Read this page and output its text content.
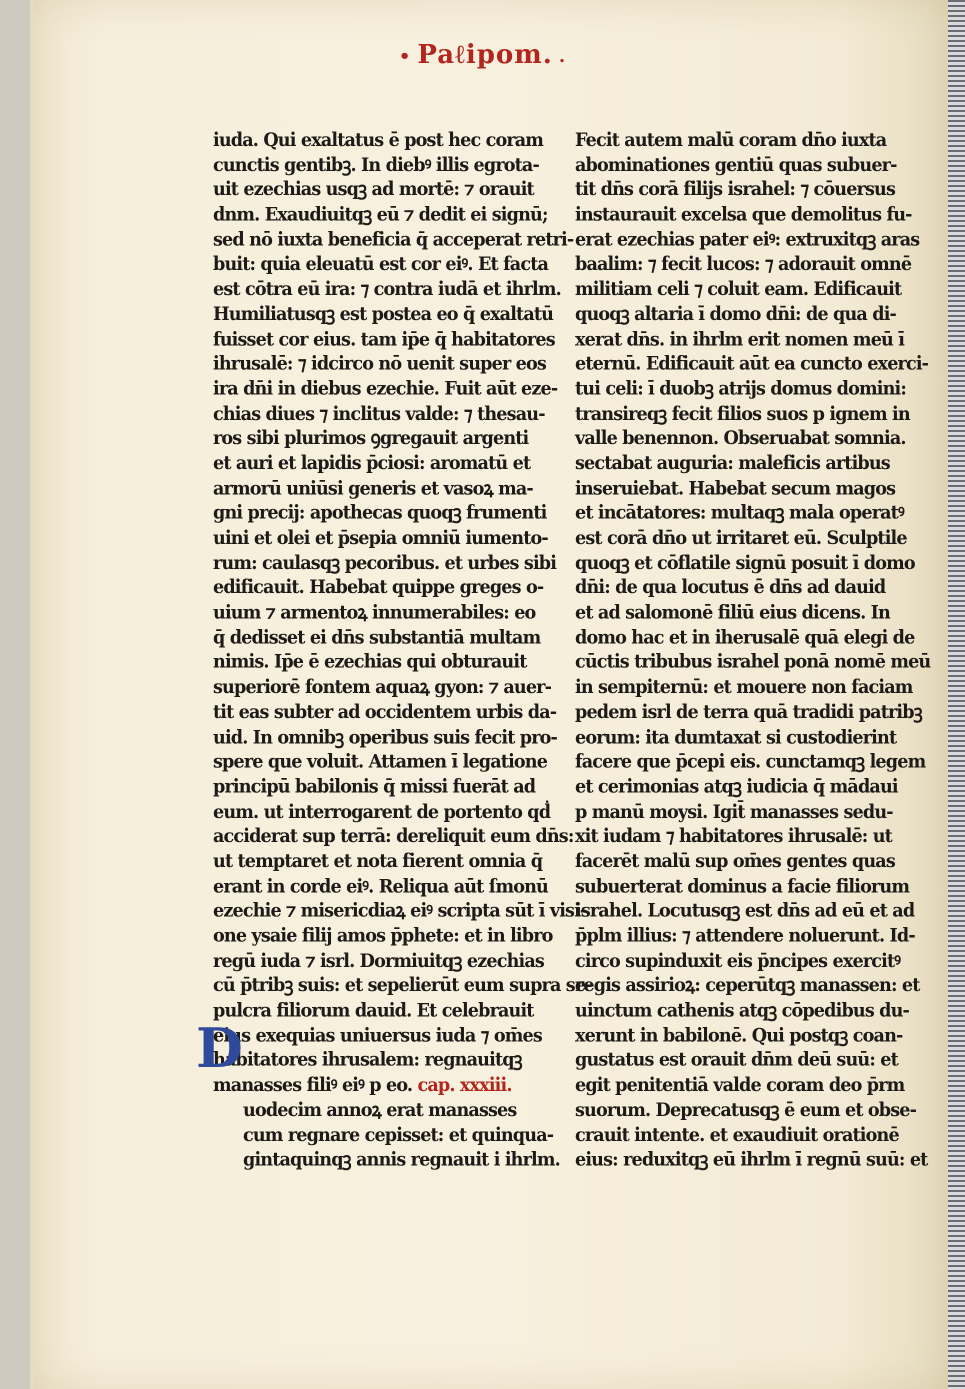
• Paℓipom. .
iuda. Qui exaltatus ē post hec coram
cunctis gentibꝫ. In diebꝰ illis egrota-
uit ezechias usqꝫ ad mortē: ⁊ orauit
dnm. Exaudiuitqꝫ eū ⁊ dedit ei signū;
sed nō iuxta beneficia q̄ acceperat retri-
buit: quia eleuatū est cor eiꝰ. Et facta
est cōtra eū ira: ⁊ contra iudā et ihrlm.
Humiliatusqꝫ est postea eo q̄ exaltatū
fuisset cor eius. tam ip̄e q̄ habitatores
ihrusalē: ⁊ idcirco nō uenit super eos
ira dn̄i in diebus ezechie. Fuit aūt eze-
chias diues ⁊ inclitus valde: ⁊ thesau-
ros sibi plurimos ꝯgregauit argenti
et auri et lapidis p̄ciosi: aromatū et
armorū uniūsi generis et vasoꝝ ma-
gni precij: apothecas quoqꝫ frumenti
uini et olei et p̄sepia omniū iumento-
rum: caulasqꝫ pecoribus. et urbes sibi
edificauit. Habebat quippe greges o-
uium ⁊ armentoꝝ innumerabiles: eo
q̄ dedisset ei dn̄s substantiā multam
nimis. Ip̄e ē ezechias qui obturauit
superiorē fontem aquaꝝ gyon: ⁊ auer-
tit eas subter ad occidentem urbis da-
uid. In omnibꝫ operibus suis fecit pro-
spere que voluit. Attamen ī legatione
principū babilonis q̄ missi fuerāt ad
eum. ut interrogarent de portento qḋ
acciderat sup terrā: dereliquit eum dn̄s:
ut temptaret et nota fierent omnia q̄
erant in corde eiꝰ. Reliqua aūt ſmonū
ezechie ⁊ misericdiaꝝ eiꝰ scripta sūt ī visi-
one ysaie filij amos p̄phete: et in libro
regū iuda ⁊ isrl. Dormiuitqꝫ ezechias
cū p̄tribꝫ suis: et sepelierūt eum supra se-
pulcra filiorum dauid. Et celebrauit
eius exequias uniuersus iuda ⁊ om̄es
habitatores ihrusalem: regnauitqꝫ
manasses filiꝰ eiꝰ p eo. cap. xxxiii.
uodecim annoꝝ erat manasses
cum regnare cepisset: et quinqua-
gintaquinqꝫ annis regnauit i ihrlm.
Fecit autem malū coram dn̄o iuxta
abominationes gentiū quas subuer-
tit dn̄s corā filijs israhel: ⁊ cōuersus
instaurauit excelsa que demolitus fu-
erat ezechias pater eiꝰ: extruxitqꝫ aras
baalim: ⁊ fecit lucos: ⁊ adorauit omnē
militiam celi ⁊ coluit eam. Edificauit
quoqꝫ altaria ī domo dn̄i: de qua di-
xerat dn̄s. in ihrlm erit nomen meū ī
eternū. Edificauit aūt ea cuncto exerci-
tui celi: ī duobꝫ atrijs domus domini:
transireqꝫ fecit filios suos p ignem in
valle benennon. Obseruabat somnia.
sectabat auguria: maleficis artibus
inseruiebat. Habebat secum magos
et incātatores: multaqꝫ mala operatꝰ
est corā dn̄o ut irritaret eū. Sculptile
quoqꝫ et cōflatile signū posuit ī domo
dn̄i: de qua locutus ē dn̄s ad dauid
et ad salomonē filiū eius dicens. In
domo hac et in iherusalē quā elegi de
cūctis tribubus israhel ponā nomē meū
in sempiternū: et mouere non faciam
pedem isrl de terra quā tradidi patribꝫ
eorum: ita dumtaxat si custodierint
facere que p̄cepi eis. cunctamqꝫ legem
et cerimonias atqꝫ iudicia q̄ mādaui
p manū moysi. Igit̄ manasses sedu-
xit iudam ⁊ habitatores ihrusalē: ut
facerēt malū sup om̄es gentes quas
subuerterat dominus a facie filiorum
israhel. Locutusqꝫ est dn̄s ad eū et ad
p̄plm illius: ⁊ attendere noluerunt. Id-
circo supinduxit eis p̄ncipes exercitꝰ
regis assirioꝝ: ceperūtqꝫ manassen: et
uinctum cathenis atqꝫ cōpedibus du-
xerunt in babilonē. Qui postqꝫ coan-
gustatus est orauit dn̄m deū suū: et
egit penitentiā valde coram deo p̄rm
suorum. Deprecatusqꝫ ē eum et obse-
crauit intente. et exaudiuit orationē
eius: reduxitqꝫ eū ihrlm ī regnū suū: et
D
